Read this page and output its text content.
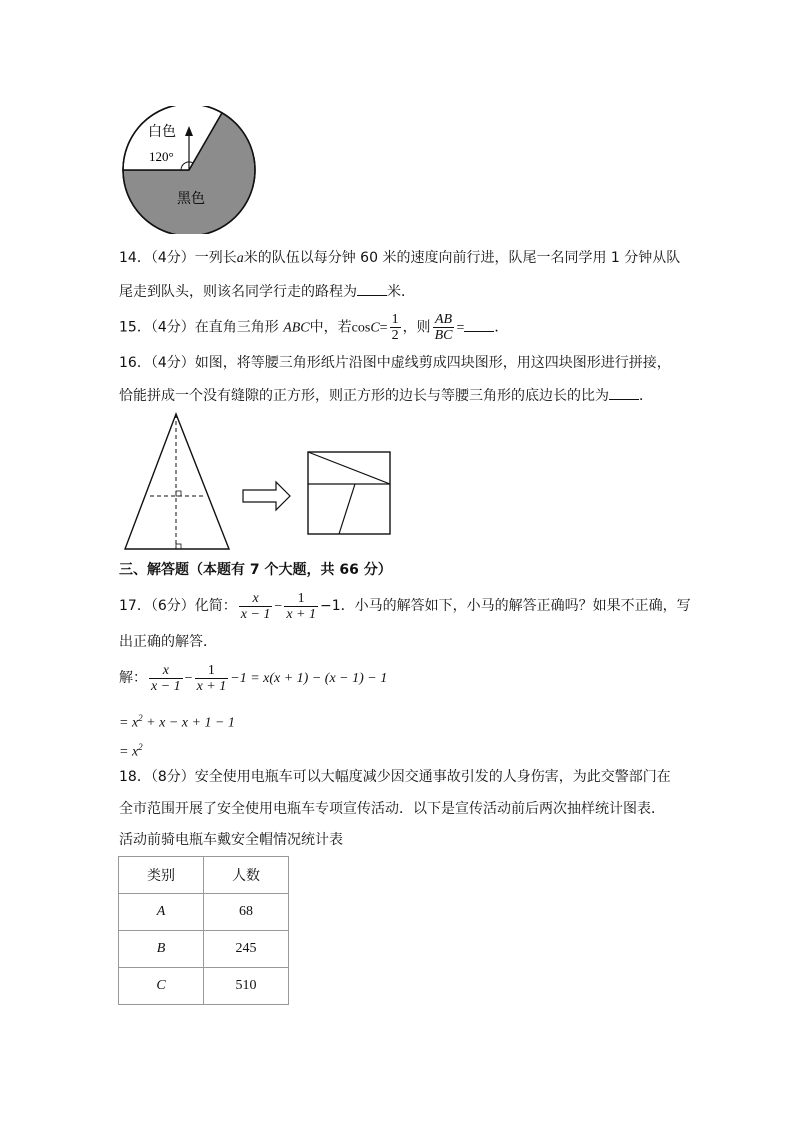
白色
120°
黑色
14．（4分）一列长a米的队伍以每分钟 60 米的速度向前行进，队尾一名同学用 1 分钟从队
尾走到队头，则该名同学行走的路程为 米．
15．（4分）在直角三角形 ABC中，若$\cos C= \frac{1}{2}$ ，则 $\frac{AB}{BC}$ = ．
16．（4分）如图，将等腰三角形纸片沿图中虚线剪成四块图形，用这四块图形进行拼接，
恰能拼成一个没有缝隙的正方形，则正方形的边长与等腰三角形的底边长的比为 ．
三、解答题（本题有 7 个大题，共 66 分）
17．（6分）化简： $\frac{x}{x - 1} - \frac{1}{x + 1} -1$．小马的解答如下，小马的解答正确吗？如果不正确，写
出正确的解答．
解： $\frac{x}{x - 1} - \frac{1}{x + 1} -1 = x(x + 1) - (x - 1) - 1$
= $x^2 + x - x + 1 - 1$
= $x^2$
18．（8分）安全使用电瓶车可以大幅度减少因交通事故引发的人身伤害，为此交警部门在
全市范围开展了安全使用电瓶车专项宣传活动．以下是宣传活动前后两次抽样统计图表．
活动前骑电瓶车戴安全帽情况统计表
类别	人数
A	68
B	245
C	510
